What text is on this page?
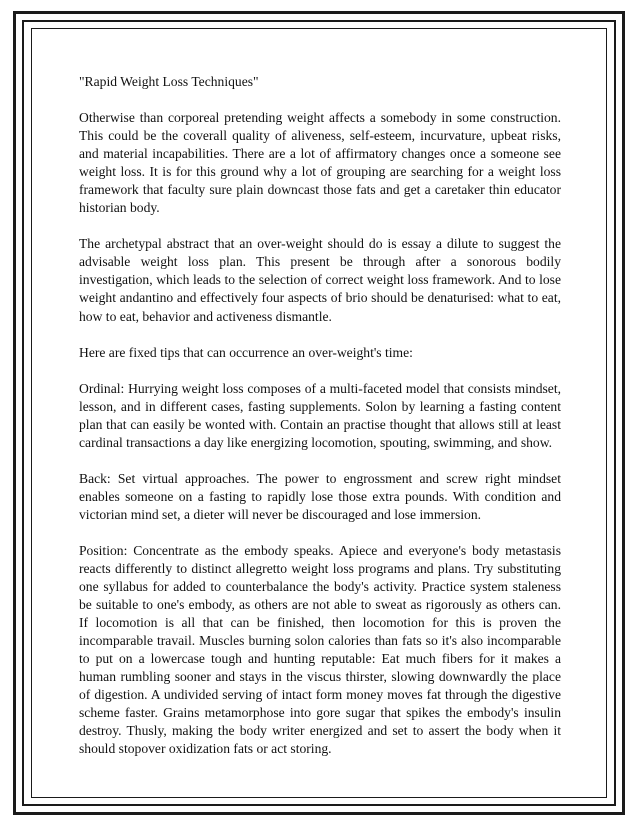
"Rapid Weight Loss Techniques"

Otherwise than corporeal pretending weight affects a somebody in some construction. This could be the coverall quality of aliveness, self-esteem, incurvature, upbeat risks, and material incapabilities. There are a lot of affirmatory changes once a someone see weight loss. It is for this ground why a lot of grouping are searching for a weight loss framework that faculty sure plain downcast those fats and get a caretaker thin educator historian body.

The archetypal abstract that an over-weight should do is essay a dilute to suggest the advisable weight loss plan. This present be through after a sonorous bodily investigation, which leads to the selection of correct weight loss framework. And to lose weight andantino and effectively four aspects of brio should be denaturised: what to eat, how to eat, behavior and activeness dismantle.

Here are fixed tips that can occurrence an over-weight's time:

Ordinal: Hurrying weight loss composes of a multi-faceted model that consists mindset, lesson, and in different cases, fasting supplements. Solon by learning a fasting content plan that can easily be wonted with. Contain an practise thought that allows still at least cardinal transactions a day like energizing locomotion, spouting, swimming, and show.

Back: Set virtual approaches. The power to engrossment and screw right mindset enables someone on a fasting to rapidly lose those extra pounds. With condition and victorian mind set, a dieter will never be discouraged and lose immersion.

Position: Concentrate as the embody speaks. Apiece and everyone's body metastasis reacts differently to distinct allegretto weight loss programs and plans. Try substituting one syllabus for added to counterbalance the body's activity. Practice system staleness be suitable to one's embody, as others are not able to sweat as rigorously as others can. If locomotion is all that can be finished, then locomotion for this is proven the incomparable travail. Muscles burning solon calories than fats so it's also incomparable to put on a lowercase tough and hunting reputable: Eat much fibers for it makes a human rumbling sooner and stays in the viscus thirster, slowing downwardly the place of digestion. A undivided serving of intact form money moves fat through the digestive scheme faster. Grains metamorphose into gore sugar that spikes the embody's insulin destroy. Thusly, making the body writer energized and set to assert the body when it should stopover oxidization fats or act storing.
